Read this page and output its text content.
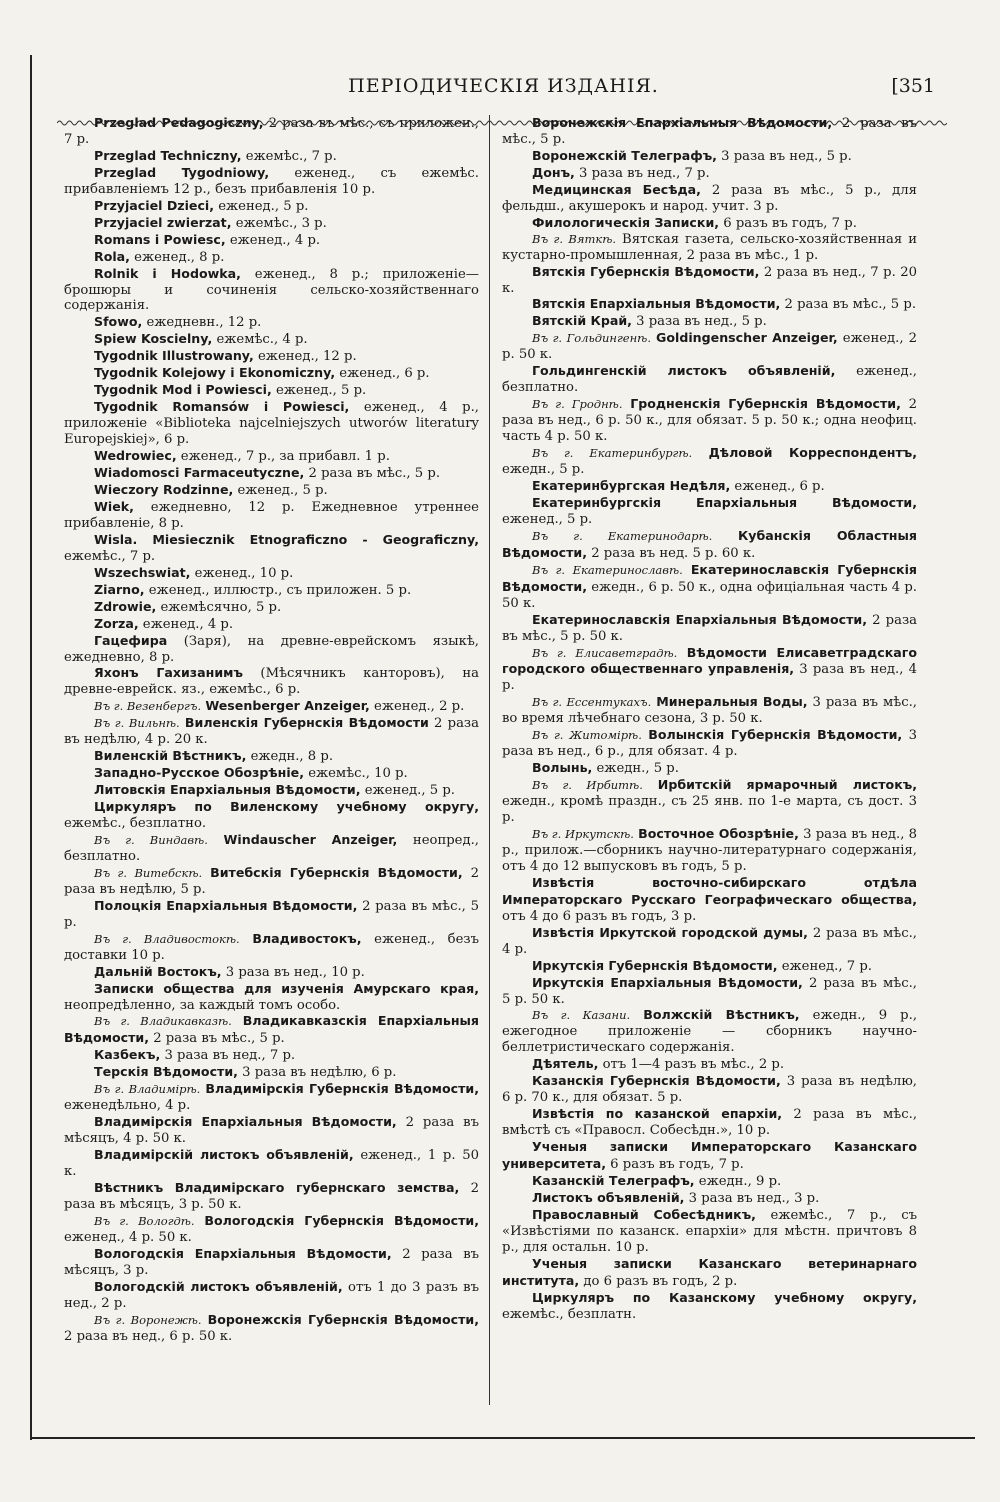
ПЕРІОДИЧЕСКІЯ ИЗДАНІЯ.	[351

Przeglad Pedagogiczny, 2 раза въ мѣс., съ приложен., 7 р.

Przeglad Techniczny, ежемѣс., 7 р.

Przeglad Tygodniowy, еженед., съ ежемѣс. прибавленіемъ 12 р., безъ прибавленія 10 р.

Przyjaciel Dzieci, еженед., 5 р.

Przyjaciel zwierzat, ежемѣс., 3 р.

Romans i Powiesc, еженед., 4 р.

Rola, еженед., 8 р.

Rolnik i Hodowka, еженед., 8 р.; приложеніе—брошюры и сочиненія сельско-хозяйственнаго содержанія.

Sfowo, ежедневн., 12 р.

Spiew Koscielny, ежемѣс., 4 р.

Tygodnik Illustrowany, еженед., 12 р.

Tygodnik Kolejowy i Ekonomiczny, еженед., 6 р.

Tygodnik Mod i Powiesci, еженед., 5 р.

Tygodnik Romansów i Powiesci, еженед., 4 р., приложеніе «Biblioteka najcelniejszych utworów literatury Europejskiej», 6 р.

Wedrowiec, еженед., 7 р., за прибавл. 1 р.

Wiadomosci Farmaceutyczne, 2 раза въ мѣс., 5 р.

Wieczory Rodzinne, еженед., 5 р.

Wiek, ежедневно, 12 р. Ежедневное утреннее прибавленіе, 8 р.

Wisla. Miesiecznik Etnograficzno - Geograficzny, ежемѣс., 7 р.

Wszechswiat, еженед., 10 р.

Ziarno, еженед., иллюстр., съ приложен. 5 р.

Zdrowie, ежемѣсячно, 5 р.

Zorza, еженед., 4 р.

Гацефира (Заря), на древне-еврейскомъ языкѣ, ежедневно, 8 р.

Яхонъ Гахизанимъ (Мѣсячникъ канторовъ), на древне-еврейск. яз., ежемѣс., 6 р.

Въ г. Везенбергъ. Wesenberger Anzeiger, еженед., 2 р.

Въ г. Вильнѣ. Виленскія Губернскія Вѣдомости 2 раза въ недѣлю, 4 р. 20 к.

Виленскій Вѣстникъ, ежедн., 8 р.

Западно-Русское Обозрѣніе, ежемѣс., 10 р.

Литовскія Епархіальныя Вѣдомости, еженед., 5 р.

Циркуляръ по Виленскому учебному округу, ежемѣс., безплатно.

Въ г. Виндавѣ. Windauscher Anzeiger, неопред., безплатно.

Въ г. Витебскѣ. Витебскія Губернскія Вѣдомости, 2 раза въ недѣлю, 5 р.

Полоцкія Епархіальныя Вѣдомости, 2 раза въ мѣс., 5 р.

Въ г. Владивостокѣ. Владивостокъ, еженед., безъ доставки 10 р.

Дальній Востокъ, 3 раза въ нед., 10 р.

Записки общества для изученія Амурскаго края, неопредѣленно, за каждый томъ особо.

Въ г. Владикавказѣ. Владикавказскія Епархіальныя Вѣдомости, 2 раза въ мѣс., 5 р.

Казбекъ, 3 раза въ нед., 7 р.

Терскія Вѣдомости, 3 раза въ недѣлю, 6 р.

Въ г. Владимірѣ. Владимірскія Губернскія Вѣдомости, еженедѣльно, 4 р.

Владимірскія Епархіальныя Вѣдомости, 2 раза въ мѣсяцъ, 4 р. 50 к.

Владимірскій листокъ объявленій, еженед., 1 р. 50 к.

Вѣстникъ Владимірскаго губернскаго земства, 2 раза въ мѣсяцъ, 3 р. 50 к.

Въ г. Вологдѣ. Вологодскія Губернскія Вѣдомости, еженед., 4 р. 50 к.

Вологодскія Епархіальныя Вѣдомости, 2 раза въ мѣсяцъ, 3 р.

Вологодскій листокъ объявленій, отъ 1 до 3 разъ въ нед., 2 р.

Въ г. Воронежѣ. Воронежскія Губернскія Вѣдомости, 2 раза въ нед., 6 р. 50 к.

Воронежскія Епархіальныя Вѣдомости, 2 раза въ мѣс., 5 р.

Воронежскій Телеграфъ, 3 раза въ нед., 5 р.

Донъ, 3 раза въ нед., 7 р.

Медицинская Бесѣда, 2 раза въ мѣс., 5 р., для фельдш., акушерокъ и народ. учит. 3 р.

Филологическія Записки, 6 разъ въ годъ, 7 р.

Въ г. Вяткѣ. Вятская газета, сельско-хозяйственная и кустарно-промышленная, 2 раза въ мѣс., 1 р.

Вятскія Губернскія Вѣдомости, 2 раза въ нед., 7 р. 20 к.

Вятскія Епархіальныя Вѣдомости, 2 раза въ мѣс., 5 р.

Вятскій Край, 3 раза въ нед., 5 р.

Въ г. Гольдингенѣ. Goldingenscher Anzeiger, еженед., 2 р. 50 к.

Гольдингенскій листокъ объявленій, еженед., безплатно.

Въ г. Гроднѣ. Гродненскія Губернскія Вѣдомости, 2 раза въ нед., 6 р. 50 к., для обязат. 5 р. 50 к.; одна неофиц. часть 4 р. 50 к.

Въ г. Екатеринбургѣ. Дѣловой Корреспондентъ, ежедн., 5 р.

Екатеринбургская Недѣля, еженед., 6 р.

Екатеринбургскія Епархіальныя Вѣдомости, еженед., 5 р.

Въ г. Екатеринодарѣ. Кубанскія Областныя Вѣдомости, 2 раза въ нед. 5 р. 60 к.

Въ г. Екатеринославѣ. Екатеринославскія Губернскія Вѣдомости, ежедн., 6 р. 50 к., одна офиціальная часть 4 р. 50 к.

Екатеринославскія Епархіальныя Вѣдомости, 2 раза въ мѣс., 5 р. 50 к.

Въ г. Елисаветградѣ. Вѣдомости Елисаветградскаго городского общественнаго управленія, 3 раза въ нед., 4 р.

Въ г. Ессентукахъ. Минеральныя Воды, 3 раза въ мѣс., во время лѣчебнаго сезона, 3 р. 50 к.

Въ г. Житомірѣ. Волынскія Губернскія Вѣдомости, 3 раза въ нед., 6 р., для обязат. 4 р.

Волынь, ежедн., 5 р.

Въ г. Ирбитѣ. Ирбитскій ярмарочный листокъ, ежедн., кромѣ праздн., съ 25 янв. по 1-е марта, съ дост. 3 р.

Въ г. Иркутскѣ. Восточное Обозрѣніе, 3 раза въ нед., 8 р., прилож.—сборникъ научно-литературнаго содержанія, отъ 4 до 12 выпусковъ въ годъ, 5 р.

Извѣстія восточно-сибирскаго отдѣла Императорскаго Русскаго Географическаго общества, отъ 4 до 6 разъ въ годъ, 3 р.

Извѣстія Иркутской городской думы, 2 раза въ мѣс., 4 р.

Иркутскія Губернскія Вѣдомости, еженед., 7 р.

Иркутскія Епархіальныя Вѣдомости, 2 раза въ мѣс., 5 р. 50 к.

Въ г. Казани. Волжскій Вѣстникъ, ежедн., 9 р., ежегодное приложеніе — сборникъ научно-беллетристическаго содержанія.

Дѣятель, отъ 1—4 разъ въ мѣс., 2 р.

Казанскія Губернскія Вѣдомости, 3 раза въ недѣлю, 6 р. 70 к., для обязат. 5 р.

Извѣстія по казанской епархіи, 2 раза въ мѣс., вмѣстѣ съ «Правосл. Собесѣдн.», 10 р.

Ученыя записки Императорскаго Казанскаго университета, 6 разъ въ годъ, 7 р.

Казанскій Телеграфъ, ежедн., 9 р.

Листокъ объявленій, 3 раза въ нед., 3 р.

Православный Собесѣдникъ, ежемѣс., 7 р., съ «Извѣстіями по казанск. епархіи» для мѣстн. причтовъ 8 р., для остальн. 10 р.

Ученыя записки Казанскаго ветеринарнаго института, до 6 разъ въ годъ, 2 р.

Циркуляръ по Казанскому учебному округу, ежемѣс., безплатн.
